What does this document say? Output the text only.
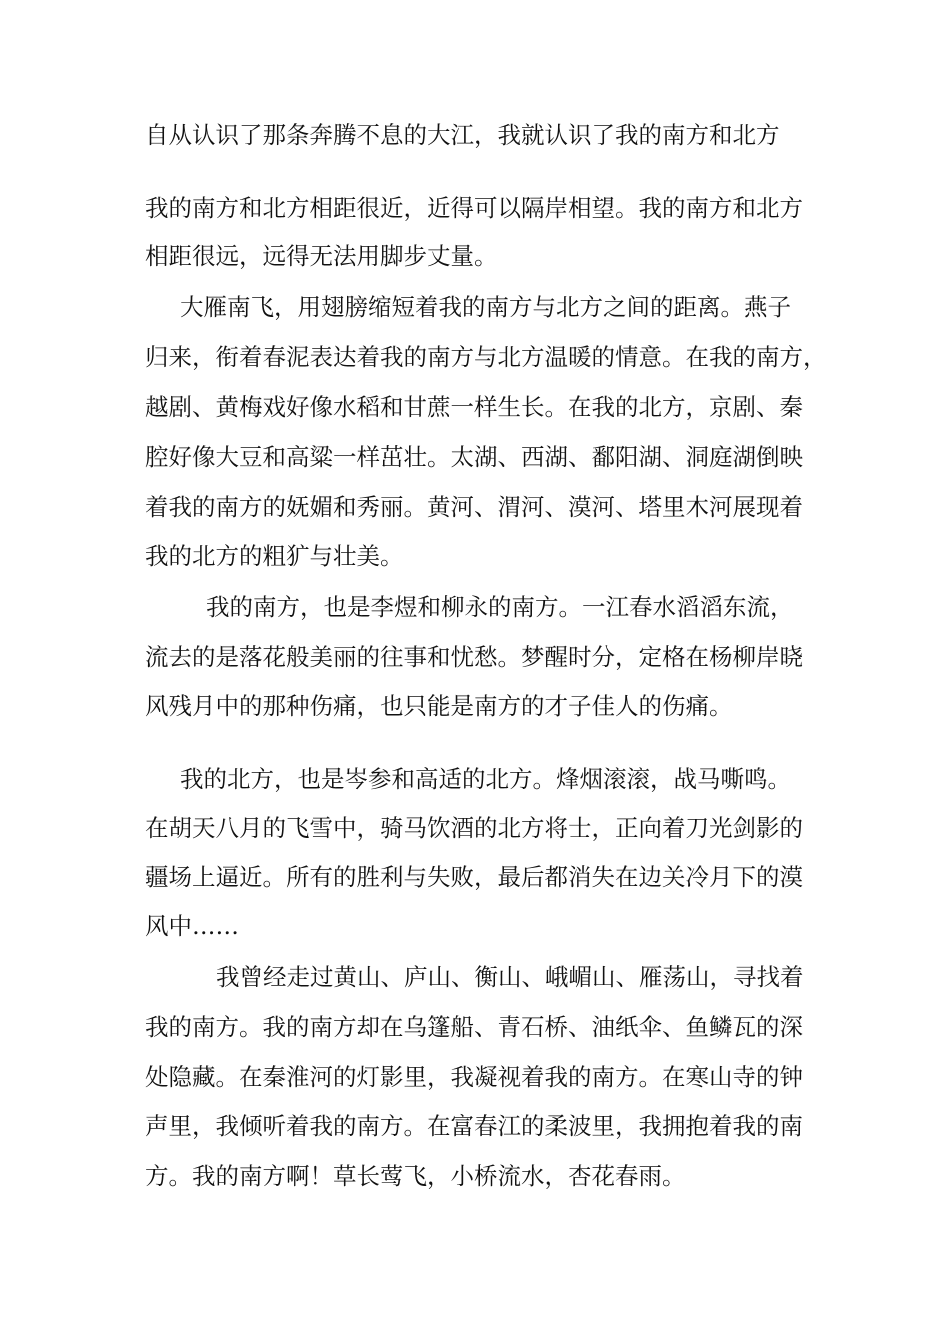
自从认识了那条奔腾不息的大江，我就认识了我的南方和北方
我的南方和北方相距很近，近得可以隔岸相望。我的南方和北方
相距很远，远得无法用脚步丈量。
大雁南飞，用翅膀缩短着我的南方与北方之间的距离。燕子
归来，衔着春泥表达着我的南方与北方温暖的情意。在我的南方，
越剧、黄梅戏好像水稻和甘蔗一样生长。在我的北方，京剧、秦
腔好像大豆和高粱一样茁壮。太湖、西湖、鄱阳湖、洞庭湖倒映
着我的南方的妩媚和秀丽。黄河、渭河、漠河、塔里木河展现着
我的北方的粗犷与壮美。
我的南方，也是李煜和柳永的南方。一江春水滔滔东流，
流去的是落花般美丽的往事和忧愁。梦醒时分，定格在杨柳岸晓
风残月中的那种伤痛，也只能是南方的才子佳人的伤痛。
我的北方，也是岑参和高适的北方。烽烟滚滚，战马嘶鸣。
在胡天八月的飞雪中，骑马饮酒的北方将士，正向着刀光剑影的
疆场上逼近。所有的胜利与失败，最后都消失在边关冷月下的漠
风中……
我曾经走过黄山、庐山、衡山、峨嵋山、雁荡山，寻找着
我的南方。我的南方却在乌篷船、青石桥、油纸伞、鱼鳞瓦的深
处隐藏。在秦淮河的灯影里，我凝视着我的南方。在寒山寺的钟
声里，我倾听着我的南方。在富春江的柔波里，我拥抱着我的南
方。我的南方啊！草长莺飞，小桥流水，杏花春雨。
